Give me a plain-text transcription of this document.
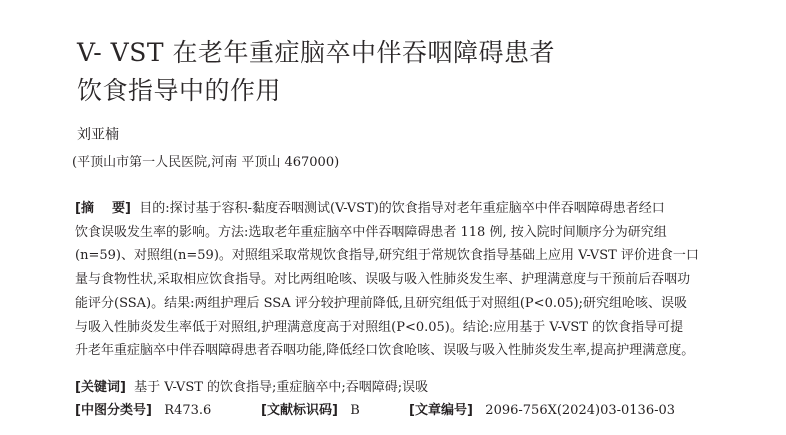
V- VST 在老年重症脑卒中伴吞咽障碍患者
饮食指导中的作用
刘亚楠
(平顶山市第一人民医院,河南 平顶山 467000)
[摘    要] 目的:探讨基于容积-黏度吞咽测试(V-VST)的饮食指导对老年重症脑卒中伴吞咽障碍患者经口
饮食误吸发生率的影响。方法:选取老年重症脑卒中伴吞咽障碍患者 118 例, 按入院时间顺序分为研究组
(n=59)、对照组(n=59)。对照组采取常规饮食指导,研究组于常规饮食指导基础上应用 V-VST 评价进食一口
量与食物性状,采取相应饮食指导。对比两组呛咳、误吸与吸入性肺炎发生率、护理满意度与干预前后吞咽功
能评分(SSA)。结果:两组护理后 SSA 评分较护理前降低,且研究组低于对照组(P<0.05);研究组呛咳、误吸
与吸入性肺炎发生率低于对照组,护理满意度高于对照组(P<0.05)。结论:应用基于 V-VST 的饮食指导可提
升老年重症脑卒中伴吞咽障碍患者吞咽功能,降低经口饮食呛咳、误吸与吸入性肺炎发生率,提高护理满意度。
[关键词] 基于 V-VST 的饮食指导;重症脑卒中;吞咽障碍;误吸
[中图分类号] R473.6	[文献标识码] B	[文章编号] 2096-756X(2024)03-0136-03
